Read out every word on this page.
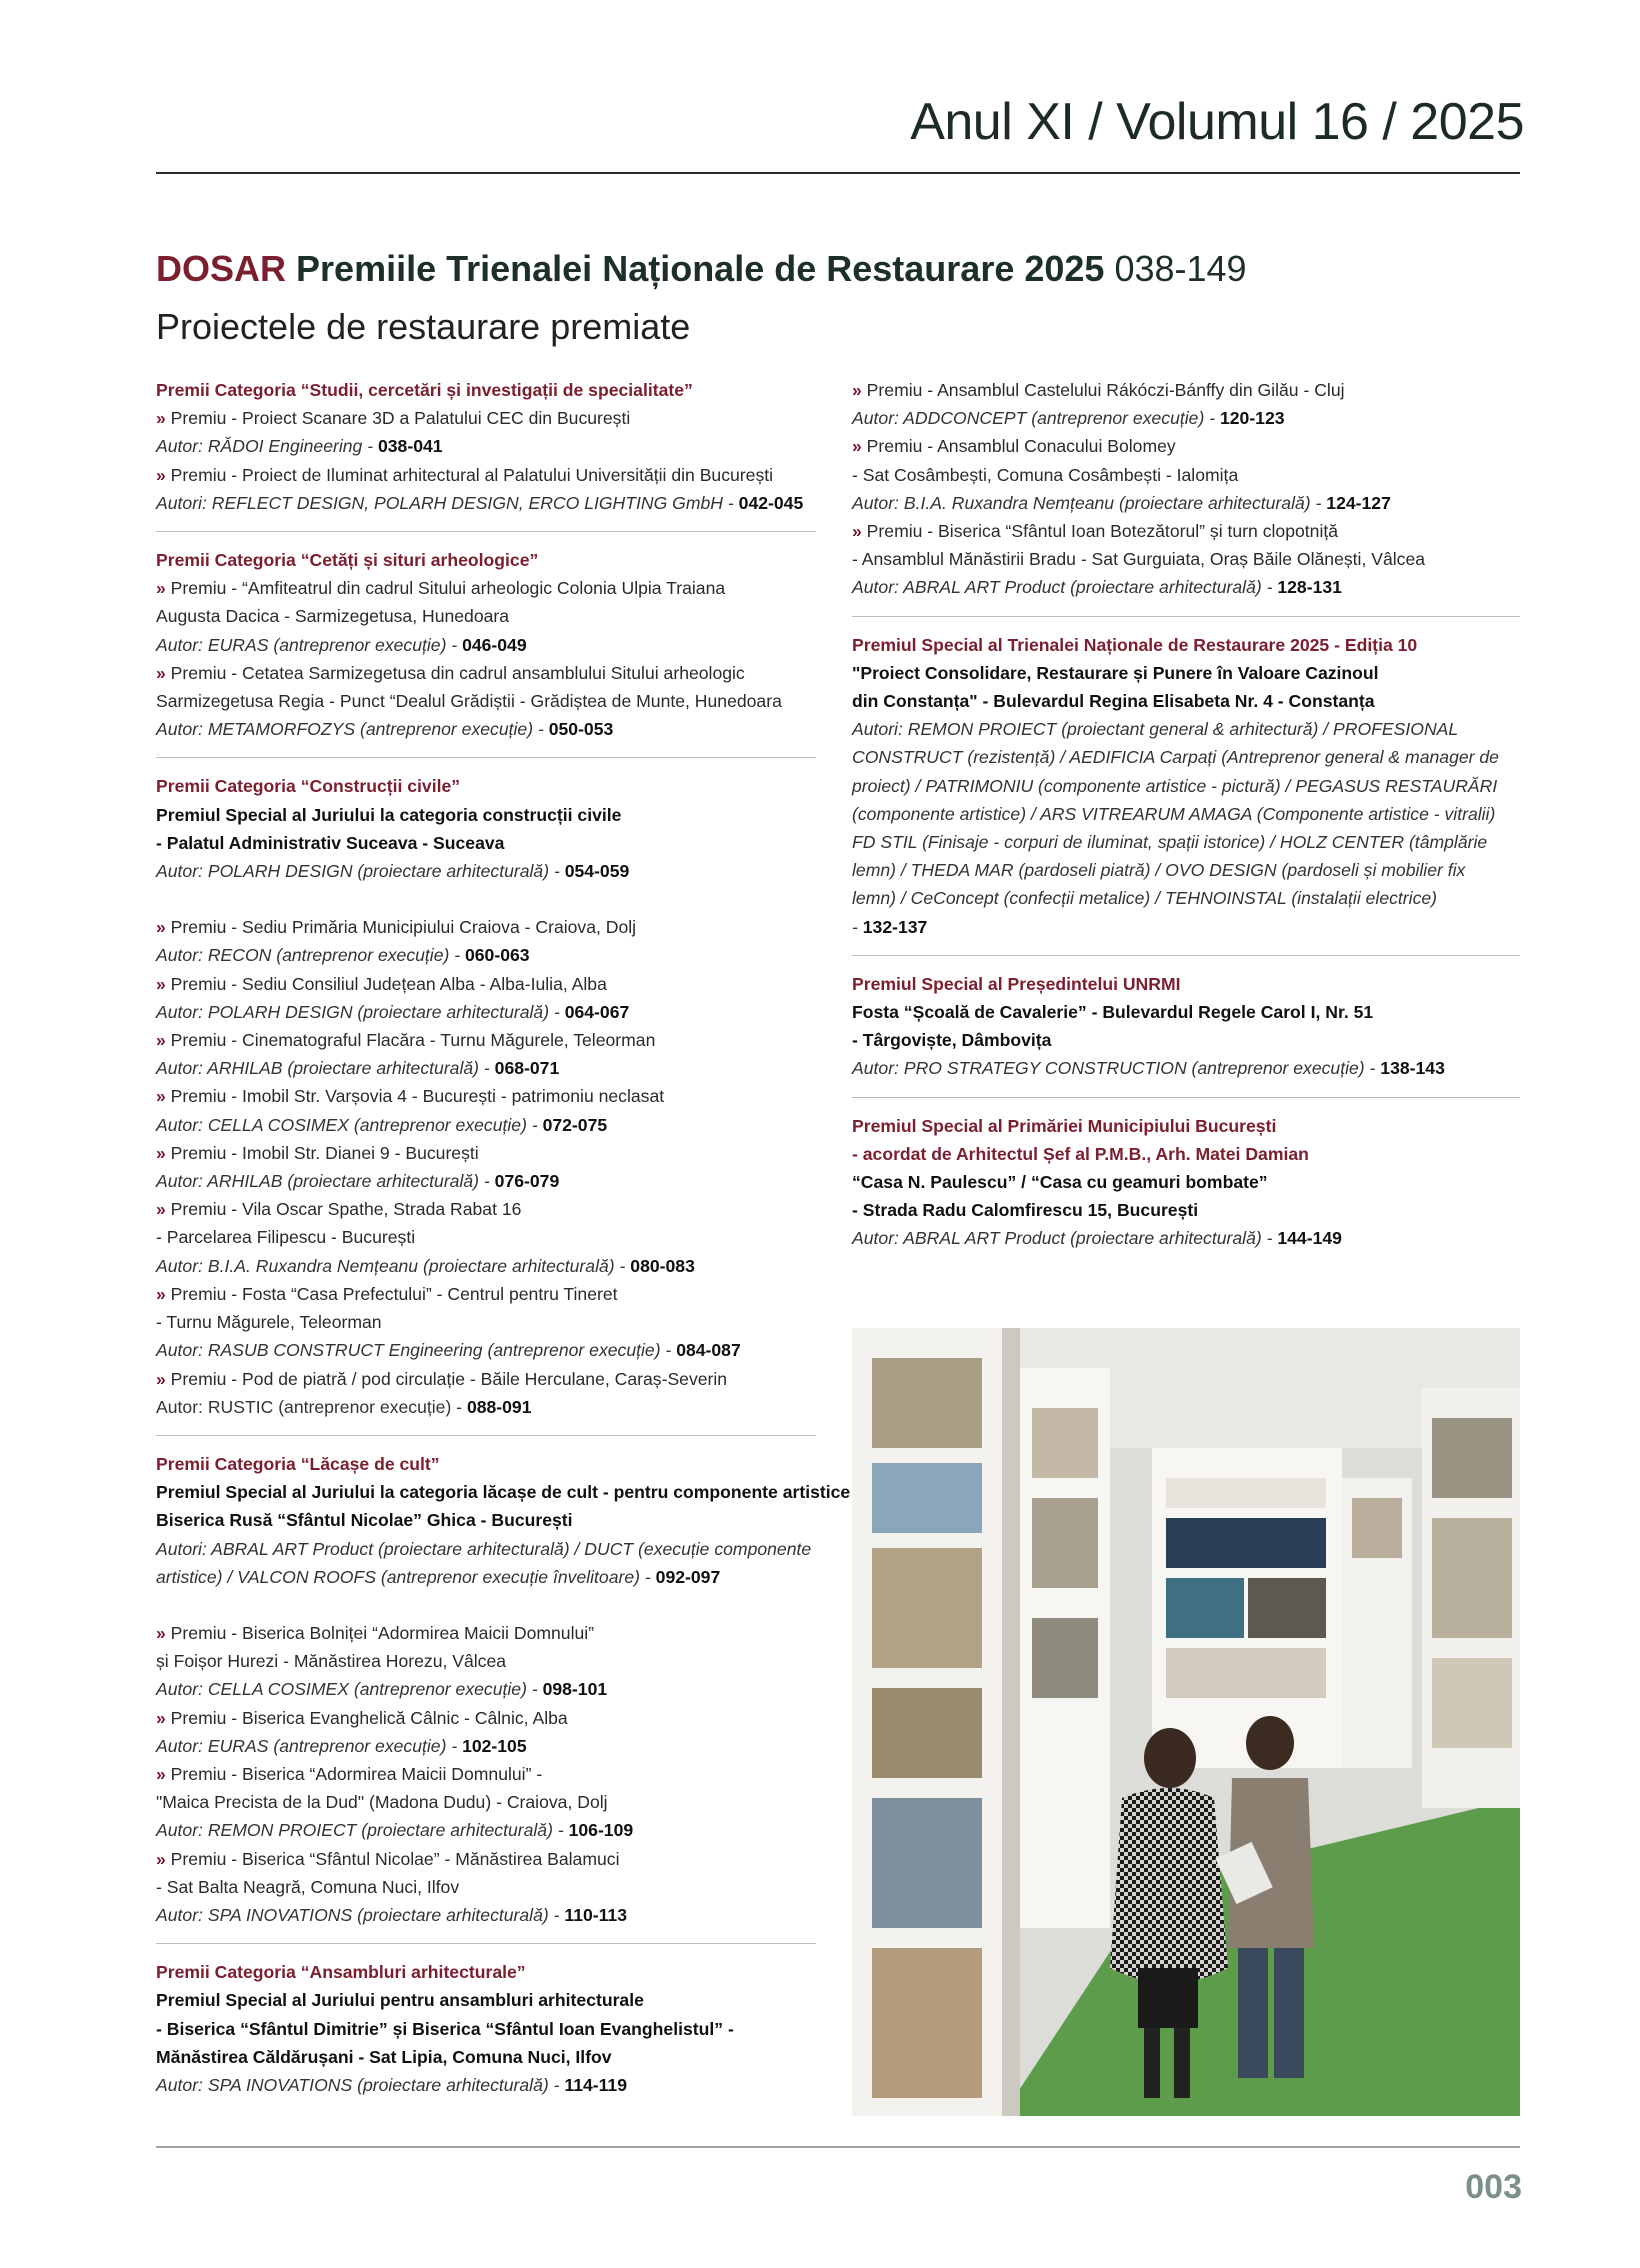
Anul XI / Volumul 16 / 2025
DOSAR Premiile Trienalei Naționale de Restaurare 2025 038-149
Proiectele de restaurare premiate
Premii Categoria “Studii, cercetări și investigații de specialitate”
» Premiu - Proiect Scanare 3D a Palatului CEC din București
Autor: RĂDOI Engineering - 038-041
» Premiu - Proiect de Iluminat arhitectural al Palatului Universității din București
Autori: REFLECT DESIGN, POLARH DESIGN, ERCO LIGHTING GmbH - 042-045
Premii Categoria “Cetăți și situri arheologice”
» Premiu - “Amfiteatrul din cadrul Sitului arheologic Colonia Ulpia Traiana
Augusta Dacica - Sarmizegetusa, Hunedoara
Autor: EURAS (antreprenor execuție) - 046-049
» Premiu - Cetatea Sarmizegetusa din cadrul ansamblului Sitului arheologic
Sarmizegetusa Regia - Punct “Dealul Grădiștii - Grădiștea de Munte, Hunedoara
Autor: METAMORFOZYS (antreprenor execuție) - 050-053
Premii Categoria “Construcții civile”
Premiul Special al Juriului la categoria construcții civile
- Palatul Administrativ Suceava - Suceava
Autor: POLARH DESIGN (proiectare arhitecturală) - 054-059
» Premiu - Sediu Primăria Municipiului Craiova - Craiova, Dolj
Autor: RECON (antreprenor execuție) - 060-063
» Premiu - Sediu Consiliul Județean Alba - Alba-Iulia, Alba
Autor: POLARH DESIGN (proiectare arhitecturală) - 064-067
» Premiu - Cinematograful Flacăra - Turnu Măgurele, Teleorman
Autor: ARHILAB (proiectare arhitecturală) - 068-071
» Premiu - Imobil Str. Varșovia 4 - București - patrimoniu neclasat
Autor: CELLA COSIMEX (antreprenor execuție) - 072-075
» Premiu - Imobil Str. Dianei 9 - București
Autor: ARHILAB (proiectare arhitecturală) - 076-079
» Premiu - Vila Oscar Spathe, Strada Rabat 16
- Parcelarea Filipescu - București
Autor: B.I.A. Ruxandra Nemțeanu (proiectare arhitecturală) - 080-083
» Premiu - Fosta “Casa Prefectului” - Centrul pentru Tineret
- Turnu Măgurele, Teleorman
Autor: RASUB CONSTRUCT Engineering (antreprenor execuție) - 084-087
» Premiu - Pod de piatră / pod circulație - Băile Herculane, Caraș-Severin
Autor: RUSTIC (antreprenor execuție) - 088-091
Premii Categoria “Lăcașe de cult”
Premiul Special al Juriului la categoria lăcașe de cult - pentru componente artistice
Biserica Rusă “Sfântul Nicolae” Ghica - București
Autori: ABRAL ART Product (proiectare arhitecturală) / DUCT (execuție componente
artistice) / VALCON ROOFS (antreprenor execuție învelitoare) - 092-097
» Premiu - Biserica Bolniței “Adormirea Maicii Domnului”
și Foișor Hurezi - Mănăstirea Horezu, Vâlcea
Autor: CELLA COSIMEX (antreprenor execuție) - 098-101
» Premiu - Biserica Evanghelică Câlnic - Câlnic, Alba
Autor: EURAS (antreprenor execuție) - 102-105
» Premiu - Biserica “Adormirea Maicii Domnului” -
"Maica Precista de la Dud" (Madona Dudu) - Craiova, Dolj
Autor: REMON PROIECT (proiectare arhitecturală) - 106-109
» Premiu - Biserica “Sfântul Nicolae” - Mănăstirea Balamuci
- Sat Balta Neagră, Comuna Nuci, Ilfov
Autor: SPA INOVATIONS (proiectare arhitecturală) - 110-113
Premii Categoria “Ansambluri arhitecturale”
Premiul Special al Juriului pentru ansambluri arhitecturale
- Biserica “Sfântul Dimitrie” și Biserica “Sfântul Ioan Evanghelistul” -
Mănăstirea Căldărușani - Sat Lipia, Comuna Nuci, Ilfov
Autor: SPA INOVATIONS (proiectare arhitecturală) - 114-119
» Premiu - Ansamblul Castelului Rákóczi-Bánffy din Gilău - Cluj
Autor: ADDCONCEPT (antreprenor execuție) - 120-123
» Premiu - Ansamblul Conacului Bolomey
- Sat Cosâmbești, Comuna Cosâmbești - Ialomița
Autor: B.I.A. Ruxandra Nemțeanu (proiectare arhitecturală) - 124-127
» Premiu - Biserica “Sfântul Ioan Botezătorul” și turn clopotniță
- Ansamblul Mănăstirii Bradu - Sat Gurguiata, Oraș Băile Olănești, Vâlcea
Autor: ABRAL ART Product (proiectare arhitecturală) - 128-131
Premiul Special al Trienalei Naționale de Restaurare 2025 - Ediția 10
"Proiect Consolidare, Restaurare și Punere în Valoare Cazinoul
din Constanța" - Bulevardul Regina Elisabeta Nr. 4 - Constanța
Autori: REMON PROIECT (proiectant general & arhitectură) / PROFESIONAL
CONSTRUCT (rezistență) / AEDIFICIA Carpați (Antreprenor general & manager de
proiect) / PATRIMONIU (componente artistice - pictură) / PEGASUS RESTAURĂRI
(componente artistice) / ARS VITREARUM AMAGA (Componente artistice - vitralii)
FD STIL (Finisaje - corpuri de iluminat, spații istorice) / HOLZ CENTER (tâmplărie
lemn) / THEDA MAR (pardoseli piatră) / OVO DESIGN (pardoseli și mobilier fix
lemn) / CeConcept (confecții metalice) / TEHNOINSTAL (instalații electrice)
- 132-137
Premiul Special al Președintelui UNRMI
Fosta “Școală de Cavalerie” - Bulevardul Regele Carol I, Nr. 51
- Târgoviște, Dâmbovița
Autor: PRO STRATEGY CONSTRUCTION (antreprenor execuție) - 138-143
Premiul Special al Primăriei Municipiului București
- acordat de Arhitectul Șef al P.M.B., Arh. Matei Damian
“Casa N. Paulescu” / “Casa cu geamuri bombate”
- Strada Radu Calomfirescu 15, București
Autor: ABRAL ART Product (proiectare arhitecturală) - 144-149
003
